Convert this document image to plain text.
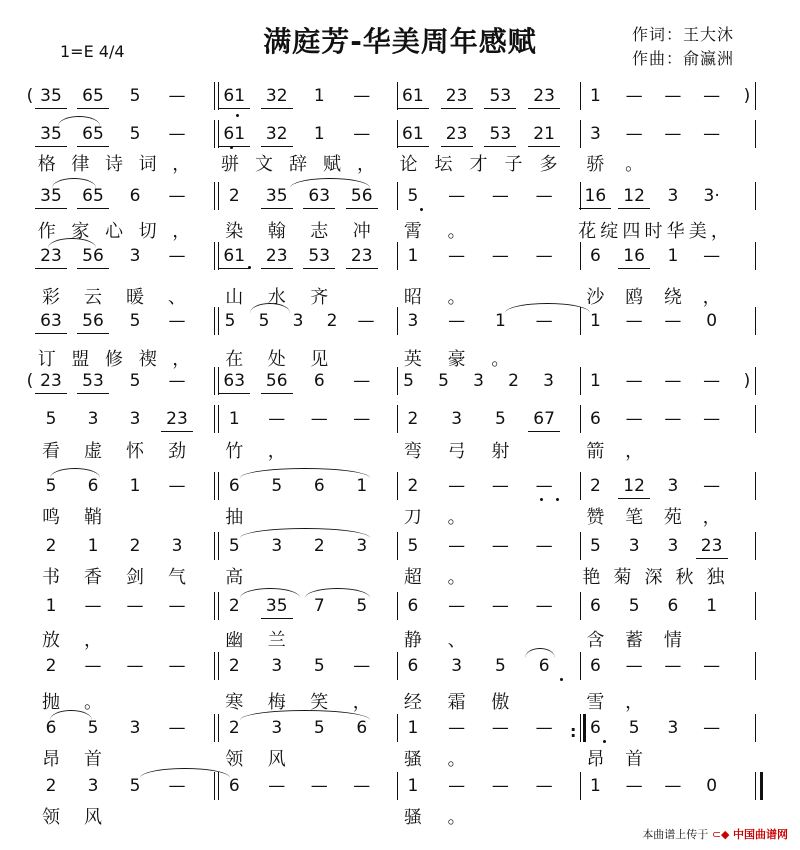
满庭芳-华美周年感赋
1=E 4/4
作词：王大沐
作曲：俞瀛洲
( 35	65	5	—	61	32	1	—	61	23	53	23	1	—	—	—	)
35	65	5	—	61	32	1	—	61	23	53	21	3	—	—	—
格 律 诗 词 ，	骈 文 辞 赋 ，	论 坛 才 子 多	骄	。
35	65	6	—	2	35	63	56	5	—	—	—	16	12	3	3·
作 家 心 切 ，	染	翰	志	冲	霄	。	花 绽 四 时 华 美 ，
23	56	3	—	61	23	53	23	1	—	—	—	6	16	1	—
彩	云	暖	、	山	水	齐	昭	。	沙	鸥	绕	，
63	56	5	—	5	5	3	2	—	3	—	1	—	1	—	—	0
订 盟 修 禊 ，	在	处	见	英	豪	。
( 23	53	5	—	63	56	6	—	5	5	3	2	3	1	—	—	—	)
5	3	3	23	1	—	—	—	2	3	5	67	6	—	—	—
看	虚	怀	劲	竹	，	弯	弓	射	箭	，
5	6	1	—	6	5	6	1	2	—	—	—	2	12	3	—
鸣	鞘	抽	刀	。	赞	笔	苑	，
2	1	2	3	5	3	2	3	5	—	—	—	5	3	3	23
书	香	剑	气	高	超	。	艳 菊 深 秋 独
1	—	—	—	2	35	7	5	6	—	—	—	6	5	6	1
放	，	幽	兰	静	、	含	蓄	情
2	—	—	—	2	3	5	—	6	3	5	6	6	—	—	—
抛	。	寒	梅	笑	，	经	霜	傲	雪	，
6	5	3	—	2	3	5	6	1	—	—	—	6	5	3	—
:
昂	首	领	风	骚	。	昂	首
2	3	5	—	6	—	—	—	1	—	—	—	1	—	—	0
领	风	骚	。
本曲谱上传于 ⊂◆ 中国曲谱网
